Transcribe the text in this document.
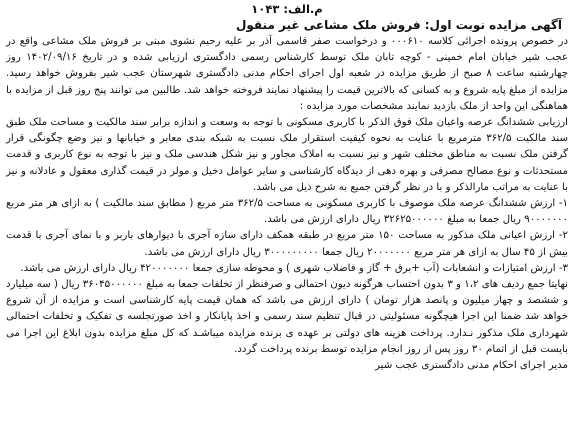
م.الف: ۱۰۴۳
آگهی مزایده نوبت اول: فروش ملک مشاعی غیر منقول

در خصوص پرونده اجرائی کلاسه ۰۰۰۶۱۰ و درخواست صفر قاسمی آذر بر علیه رحیم نشوی مبنی بر فروش ملک مشاعی واقع در عجب شیر خیابان امام خمینی - کوچه تابان ملک توسط کارشناس رسمی دادگستری ارزیابی شده و در تاریخ ۱۴۰۲/۰۹/۱۶ روز چهارشنبه ساعت ۸ صبح از طریق مزایده در شعبه اول اجرای احکام مدنی دادگستری شهرستان عجب شیر بفروش خواهد رسید. مزایده از مبلغ پایه شروع و به کسانی که بالاترین قیمت را پیشنهاد نمایند فروخته خواهد شد. طالبین می توانند پنج روز قبل از مزایده با هماهنگی این واحد از ملک بازدید نمایند مشخصات مورد مزایده :

ارزیابی ششدانگ عرصه واعیان ملک فوق الذکر با کاربری مسکونی با توجه به وسعت و اندازه برابر سند مالکیت و مساحت ملک طبق سند مالکیت ۳۶۲/۵ مترمربع با عنایت به نحوه کیفیت استقرار ملک نسبت به شبکه بندی معابر و خیابانها و نیز وضع چگونگی قرار گرفتن ملک نسبت به مناطق مختلف شهر و نیز نسبت به املاک مجاور و نیز شکل هندسی ملک و نیز با توجه به نوع کاربری و قدمت مستحدثات و نوع مصالح مصرفی و بهره دهی از دیدگاه کارشناسی و سایر عوامل دخیل و مولر در قیمت گذاری معقول و عادلانه و نیز با عنایت به مراتب مارالذکر و با در نظر گرفتن جمیع به شرح ذیل می باشد.

۱- ارزش ششدانگ عرصه ملک موصوف با کاربری مسکونی به مساحت ۳۶۲/۵ متر مربع ( مطابق سند مالکیت ) به ازای هر متر مربع ۹۰۰۰۰۰۰۰ ریال جمعا به مبلغ ۳۲۶۲۵۰۰۰۰۰۰ ریال دارای ارزش می باشد.

۲- ارزش اعیانی ملک مذکور به مساحت ۱۵۰ متر مربع در طبقه همکف دارای سازه آجری با دیوارهای باربر و با نمای آجری با قدمت بیش از ۴۵ سال به ازای هر متر مربع ۲۰۰۰۰۰۰۰ ریال جمعا ۳۰۰۰۰۰۰۰۰۰ ریال دارای ارزش می باشد.

۳- ارزش امتیازات و انشعابات (آب +برق + گاز و فاضلاب شهری ) و محوطه سازی جمعا ۴۲۰۰۰۰۰۰۰ ریال دارای ارزش می باشد.

نهایتا جمع ردیف های ۱،۲ و ۳ بدون احتساب هرگونه دیون احتمالی و صرفنظر از تخلفات جمعا به مبلغ ۳۶۰۴۵۰۰۰۰۰۰ ریال ( سه میلیارد و ششصد و چهار میلیون و پانصد هزار تومان ) دارای ارزش می باشد که همان قیمت پایه کارشناسی است و مزایده از آن شروع خواهد شد ضمنا این اجرا هیچگونه مسئولیتی در قبال تنظیم سند رسمی و اخذ پایانکار و اخذ صورتجلسه ی تفکیک و تخلفات احتمالی شهرداری ملک مذکور نـدارد. پرداخت هزینه های دولتی بر عهده ی برنده مزایده میباشـد که کل مبلغ مزایده بدون ابلاغ این اجرا می بایست قبل از اتمام ۳۰ روز پس از روز انجام مزایده توسط برنده پرداخت گردد.

مدیر اجرای احکام مدنی دادگستری عجب شیر
